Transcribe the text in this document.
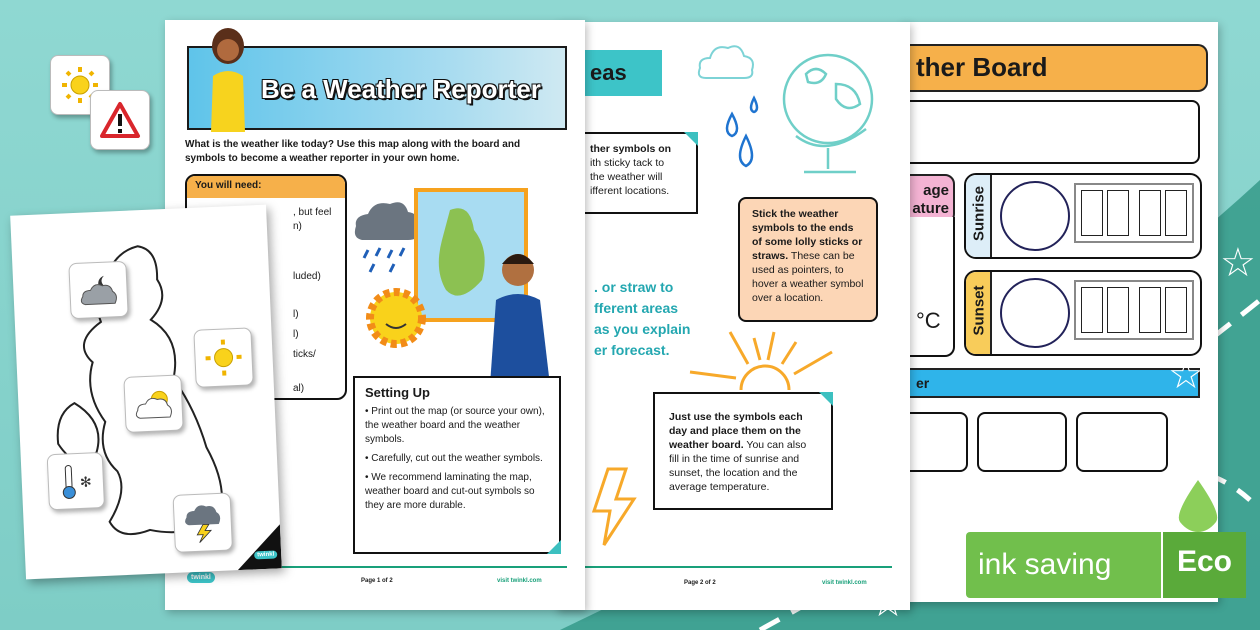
ther Board
age
ature
°C
Sunrise
Sunset
er
eas
ther symbols on
ith sticky tack to
the weather will
ifferent locations.
. or straw to
fferent areas
as you explain
er forecast.
Stick the weather symbols to the ends of some lolly sticks or straws. These can be used as pointers, to hover a weather symbol over a location.
Just use the symbols each day and place them on the weather board. You can also fill in the time of sunrise and sunset, the location and the average temperature.
Page 2 of 2	visit twinkl.com
Be a Weather Reporter
What is the weather like today? Use this map along with the board and symbols to become a weather reporter in your own home.
You will need:
, but feel
n)
luded)
l)
l)
ticks/
al)	Setting Up
• Print out the map (or source your own), the weather board and the weather symbols.
• Carefully, cut out the weather symbols.
• We recommend laminating the map, weather board and cut-out symbols so they are more durable.
twinkl	Page 1 of 2	visit twinkl.com
✻
twinkl
☆
☆
☆
☆
ink saving	Eco
